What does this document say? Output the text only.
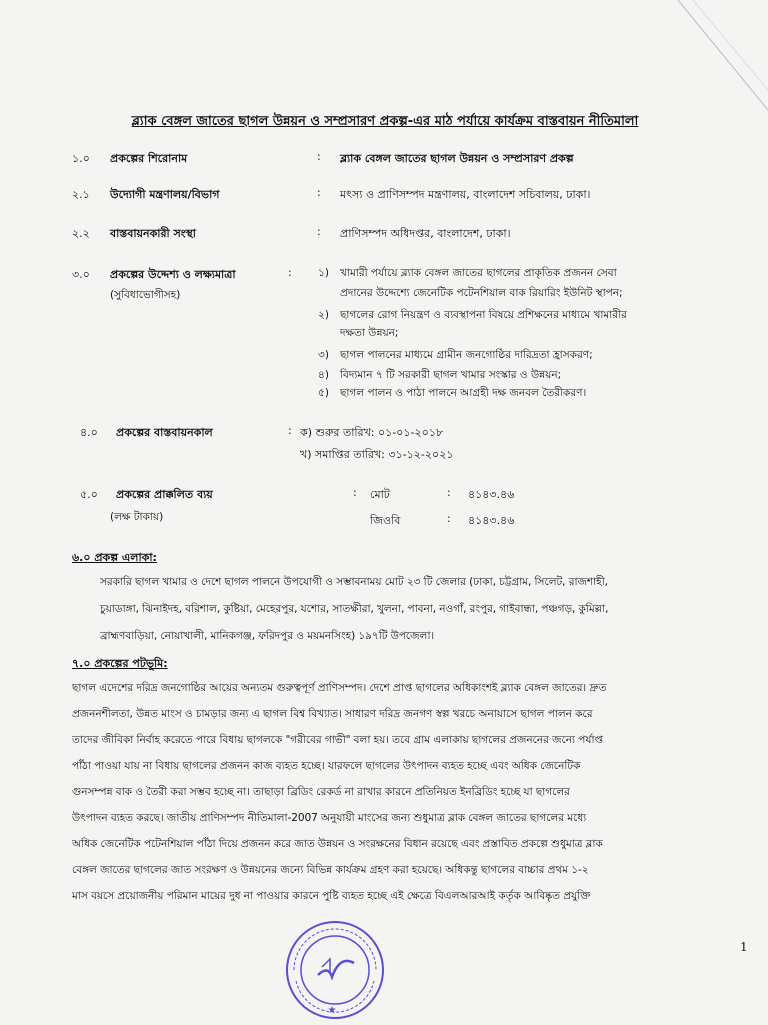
ব্ল্যাক বেঙ্গল জাতের ছাগল উন্নয়ন ও সম্প্রসারণ প্রকল্প-এর মাঠ পর্যায়ে কার্যক্রম বাস্তবায়ন নীতিমালা
১.০ প্রকল্পের শিরোনাম	: ব্ল্যাক বেঙ্গল জাতের ছাগল উন্নয়ন ও সম্প্রসারণ প্রকল্প
২.১ উদ্যোগী মন্ত্রণালয়/বিভাগ	: মৎস্য ও প্রাণিসম্পদ মন্ত্রণালয়, বাংলাদেশ সচিবালয়, ঢাকা।
২.২ বাস্তবায়নকারী সংস্থা	: প্রাণিসম্পদ অধিদপ্তর, বাংলাদেশ, ঢাকা।
৩.০ প্রকল্পের উদ্দেশ্য ও লক্ষ্যমাত্রা
(সুবিধাভোগীসহ)
:	১) খামারী পর্যায়ে ব্ল্যাক বেঙ্গল জাতের ছাগলের প্রাকৃতিক প্রজনন সেবা
প্রদানের উদ্দেশ্যে জেনেটিক পটেনশিয়াল বাক রিয়ারিং ইউনিট স্থাপন;
২) ছাগলের রোগ নিয়ন্ত্রণ ও ব্যবস্থাপনা বিষয়ে প্রশিক্ষনের মাধ্যমে খামারীর
দক্ষতা উন্নয়ন;
৩) ছাগল পালনের মাধ্যমে গ্রামীন জনগোষ্ঠির দারিদ্রতা হ্রাসকরণ;
৪) বিদ্যমান ৭ টি সরকারী ছাগল খামার সংস্কার ও উন্নয়ন;
৫) ছাগল পালন ও পাঠা পালনে আগ্রহী দক্ষ জনবল তৈরীকরণ।
৪.০ প্রকল্পের বাস্তবায়নকাল	: ক) শুরুর তারিখ: ০১-০১-২০১৮
খ) সমাপ্তির তারিখ: ৩১-১২-২০২১
৫.০ প্রকল্পের প্রাক্কলিত ব্যয়
(লক্ষ টাকায়)
: মোট	: ৪১৪৩.৪৬
জিওবি	: ৪১৪৩.৪৬
৬.০ প্রকল্প এলাকা:
সরকারি ছাগল খামার ও দেশে ছাগল পালনে উপযোগী ও সম্ভাবনাময় মোট ২৩ টি জেলার (ঢাকা, চট্টগ্রাম, সিলেট, রাজশাহী,
চুয়াডাঙ্গা, ঝিনাইদহ, বরিশাল, কুষ্টিয়া, মেহেরপুর, যশোর, সাতক্ষীরা, খুলনা, পাবনা, নওগাঁ, রংপুর, গাইবান্ধা, পঞ্চগড়, কুমিল্লা,
ব্রাহ্মণবাড়িয়া, নোয়াখালী, মানিকগঞ্জ, ফরিদপুর ও ময়মনসিংহ) ১৯৭টি উপজেলা।
৭.০ প্রকল্পের পটভূমি:
ছাগল এদেশের দরিদ্র জনগোষ্ঠির আয়ের অন্যতম গুরুত্বপূর্ণ প্রাণিসম্পদ। দেশে প্রাপ্ত ছাগলের অধিকাংশই ব্ল্যাক বেঙ্গল জাতের। দ্রুত
প্রজননশীলতা, উন্নত মাংস ও চামড়ার জন্য এ ছাগল বিশ্ব বিখ্যাত। সাধারণ দরিদ্র জনগণ স্বল্প খরচে অনায়াসে ছাগল পালন করে
তাদের জীবিকা নির্বাহ করেতে পারে বিধায় ছাগলকে "গরীবের গাভী" বলা হয়। তবে গ্রাম এলাকায় ছাগলের প্রজননের জন্যে পর্যাপ্ত
পাঁঠা পাওয়া যায় না বিধায় ছাগলের প্রজনন কাজ ব্যহত হচ্ছে। যারফলে ছাগলের উৎপাদন ব্যহত হচ্ছে এবং অধিক জেনেটিক
গুনসম্পন্ন বাক ও তৈরী করা সম্ভব হচ্ছে না। তাছাড়া ব্রিডিং রেকর্ড না রাখার কারনে প্রতিনিয়ত ইনব্রিডিং হচ্ছে যা ছাগলের
উৎপাদন ব্যহত করছে। জাতীয় প্রাণিসম্পদ নীতিমালা-2007 অনুযায়ী মাংসের জন্য শুধুমাত্র ব্লাক বেঙ্গল জাতের ছাগলের মধ্যে
অধিক জেনেটিক পটেনশিয়াল পাঁঠা দিয়ে প্রজনন করে জাত উন্নয়ন ও সংরক্ষনের বিধান রয়েছে এবং প্রস্তাবিত প্রকল্পে শুধুমাত্র ব্লাক
বেঙ্গল জাতের ছাগলের জাত সংরক্ষণ ও উন্নয়নের জন্যে বিভিন্ন কার্যক্রম গ্রহণ করা হয়েছে। অধিকন্তু ছাগলের বাচ্চার প্রথম ১-২
মাস বয়সে প্রয়োজনীয় পরিমান মায়ের দুধ না পাওয়ার কারনে পুষ্টি ব্যহত হচ্ছে এই ক্ষেত্রে বিএলআরআই কর্তৃক আবিষ্কৃত প্রযুক্তি
★
1
